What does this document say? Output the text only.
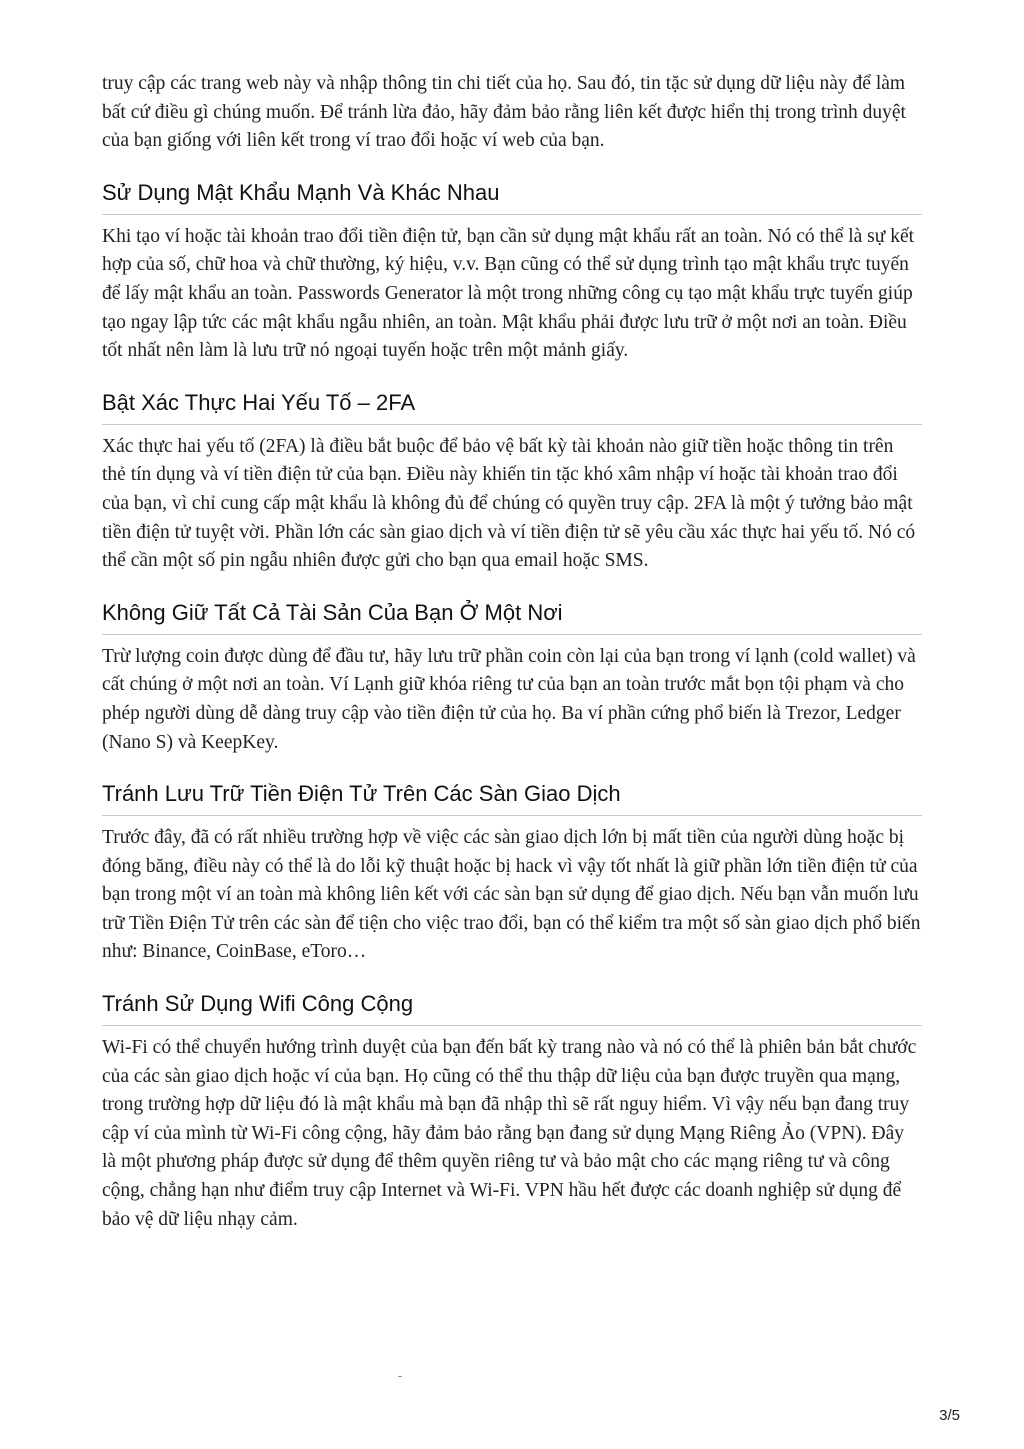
truy cập các trang web này và nhập thông tin chi tiết của họ. Sau đó, tin tặc sử dụng dữ liệu này để làm bất cứ điều gì chúng muốn. Để tránh lừa đảo, hãy đảm bảo rằng liên kết được hiển thị trong trình duyệt của bạn giống với liên kết trong ví trao đổi hoặc ví web của bạn.

Sử Dụng Mật Khẩu Mạnh Và Khác Nhau

Khi tạo ví hoặc tài khoản trao đổi tiền điện tử, bạn cần sử dụng mật khẩu rất an toàn. Nó có thể là sự kết hợp của số, chữ hoa và chữ thường, ký hiệu, v.v. Bạn cũng có thể sử dụng trình tạo mật khẩu trực tuyến để lấy mật khẩu an toàn. Passwords Generator là một trong những công cụ tạo mật khẩu trực tuyến giúp tạo ngay lập tức các mật khẩu ngẫu nhiên, an toàn. Mật khẩu phải được lưu trữ ở một nơi an toàn. Điều tốt nhất nên làm là lưu trữ nó ngoại tuyến hoặc trên một mảnh giấy.

Bật Xác Thực Hai Yếu Tố – 2FA

Xác thực hai yếu tố (2FA) là điều bắt buộc để bảo vệ bất kỳ tài khoản nào giữ tiền hoặc thông tin trên thẻ tín dụng và ví tiền điện tử của bạn. Điều này khiến tin tặc khó xâm nhập ví hoặc tài khoản trao đổi của bạn, vì chỉ cung cấp mật khẩu là không đủ để chúng có quyền truy cập. 2FA là một ý tưởng bảo mật tiền điện tử tuyệt vời. Phần lớn các sàn giao dịch và ví tiền điện tử sẽ yêu cầu xác thực hai yếu tố. Nó có thể cần một số pin ngẫu nhiên được gửi cho bạn qua email hoặc SMS.

Không Giữ Tất Cả Tài Sản Của Bạn Ở Một Nơi

Trừ lượng coin được dùng để đầu tư, hãy lưu trữ phần coin còn lại của bạn trong ví lạnh (cold wallet) và cất chúng ở một nơi an toàn. Ví Lạnh giữ khóa riêng tư của bạn an toàn trước mắt bọn tội phạm và cho phép người dùng dễ dàng truy cập vào tiền điện tử của họ. Ba ví phần cứng phổ biến là Trezor, Ledger (Nano S) và KeepKey.

Tránh Lưu Trữ Tiền Điện Tử Trên Các Sàn Giao Dịch

Trước đây, đã có rất nhiều trường hợp về việc các sàn giao dịch lớn bị mất tiền của người dùng hoặc bị đóng băng, điều này có thể là do lỗi kỹ thuật hoặc bị hack vì vậy tốt nhất là giữ phần lớn tiền điện tử của bạn trong một ví an toàn mà không liên kết với các sàn bạn sử dụng để giao dịch. Nếu bạn vẫn muốn lưu trữ Tiền Điện Tử trên các sàn để tiện cho việc trao đổi, bạn có thể kiểm tra một số sàn giao dịch phổ biến như: Binance, CoinBase, eToro…

Tránh Sử Dụng Wifi Công Cộng

Wi-Fi có thể chuyển hướng trình duyệt của bạn đến bất kỳ trang nào và nó có thể là phiên bản bắt chước của các sàn giao dịch hoặc ví của bạn. Họ cũng có thể thu thập dữ liệu của bạn được truyền qua mạng, trong trường hợp dữ liệu đó là mật khẩu mà bạn đã nhập thì sẽ rất nguy hiểm. Vì vậy nếu bạn đang truy cập ví của mình từ Wi-Fi công cộng, hãy đảm bảo rằng bạn đang sử dụng Mạng Riêng Ảo (VPN). Đây là một phương pháp được sử dụng để thêm quyền riêng tư và bảo mật cho các mạng riêng tư và công cộng, chẳng hạn như điểm truy cập Internet và Wi-Fi. VPN hầu hết được các doanh nghiệp sử dụng để bảo vệ dữ liệu nhạy cảm.

3/5
